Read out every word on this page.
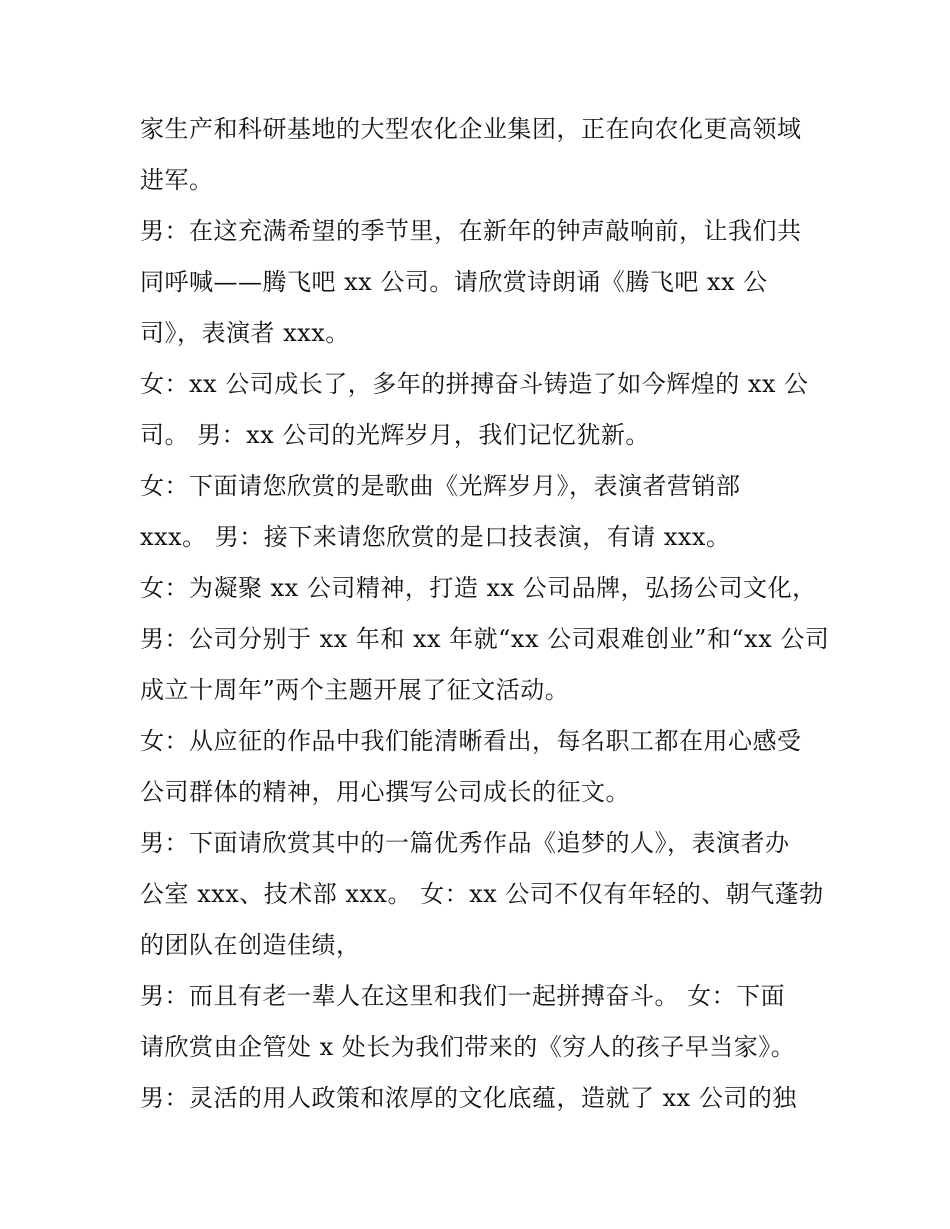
家生产和科研基地的大型农化企业集团，正在向农化更高领域
进军。
男：在这充满希望的季节里，在新年的钟声敲响前，让我们共
同呼喊——腾飞吧 xx 公司。请欣赏诗朗诵《腾飞吧 xx 公
司》，表演者 xxx。
女：xx 公司成长了，多年的拼搏奋斗铸造了如今辉煌的 xx 公
司。 男：xx 公司的光辉岁月，我们记忆犹新。
女：下面请您欣赏的是歌曲《光辉岁月》，表演者营销部
xxx。 男：接下来请您欣赏的是口技表演，有请 xxx。
女：为凝聚 xx 公司精神，打造 xx 公司品牌，弘扬公司文化，
男：公司分别于 xx 年和 xx 年就“xx 公司艰难创业”和“xx 公司
成立十周年”两个主题开展了征文活动。
女：从应征的作品中我们能清晰看出，每名职工都在用心感受
公司群体的精神，用心撰写公司成长的征文。
男：下面请欣赏其中的一篇优秀作品《追梦的人》，表演者办
公室 xxx、技术部 xxx。 女：xx 公司不仅有年轻的、朝气蓬勃
的团队在创造佳绩，
男：而且有老一辈人在这里和我们一起拼搏奋斗。 女：下面
请欣赏由企管处 x 处长为我们带来的《穷人的孩子早当家》。
男：灵活的用人政策和浓厚的文化底蕴，造就了 xx 公司的独
